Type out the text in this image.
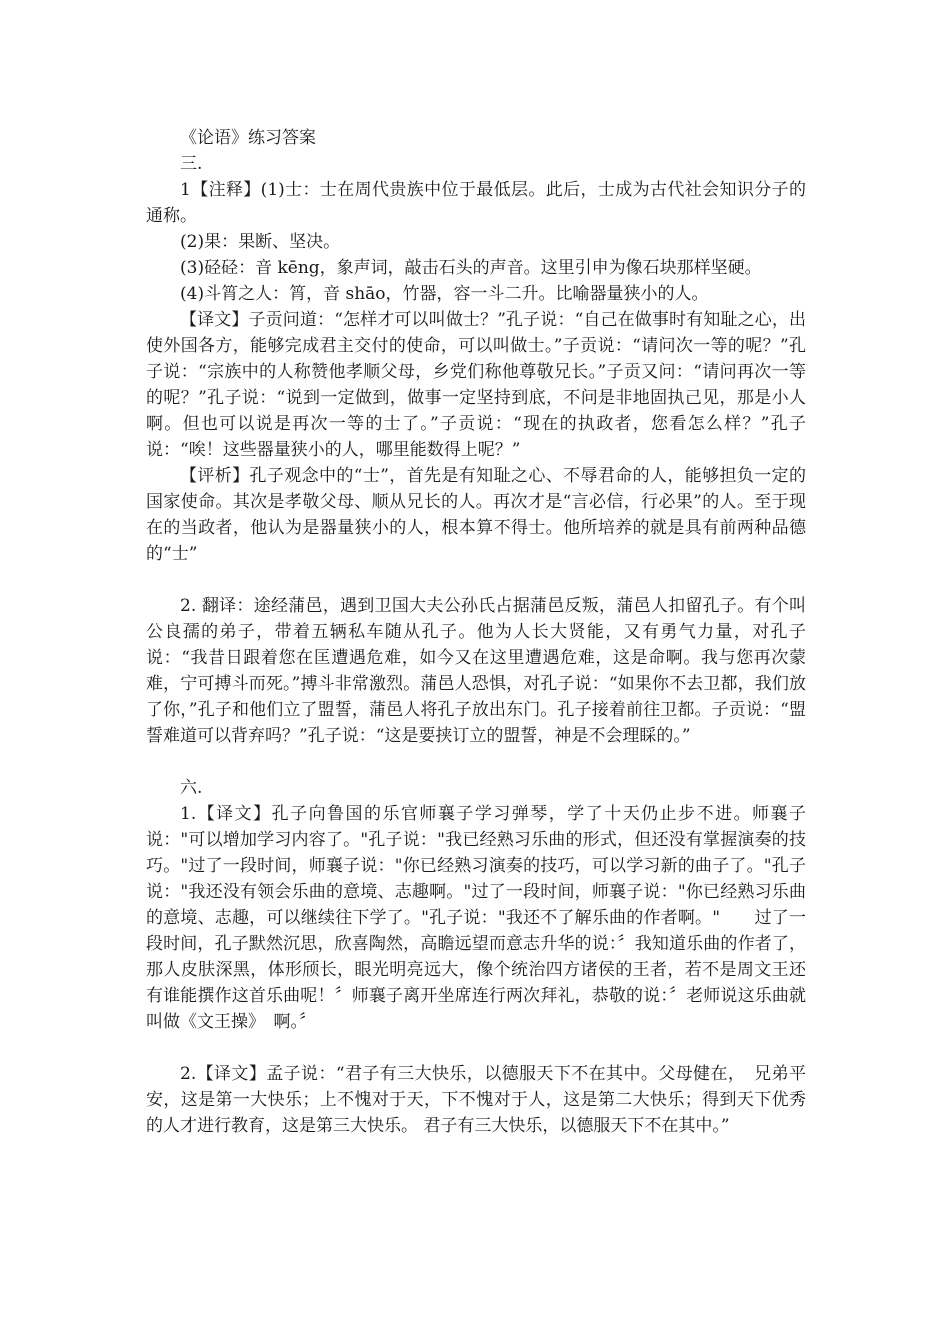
《论语》练习答案

三.

1【注释】(1)士：士在周代贵族中位于最低层。此后，士成为古代社会知识分子的通称。

(2)果：果断、坚决。

(3)硁硁：音 kēng，象声词，敲击石头的声音。这里引申为像石块那样坚硬。

(4)斗筲之人：筲，音 shāo，竹器，容一斗二升。比喻器量狭小的人。

【译文】子贡问道：“怎样才可以叫做士？”孔子说：“自己在做事时有知耻之心，出使外国各方，能够完成君主交付的使命，可以叫做士。”子贡说：“请问次一等的呢？”孔子说：“宗族中的人称赞他孝顺父母，乡党们称他尊敬兄长。”子贡又问：“请问再次一等的呢？”孔子说：“说到一定做到，做事一定坚持到底，不问是非地固执己见，那是小人啊。但也可以说是再次一等的士了。”子贡说：“现在的执政者，您看怎么样？”孔子说：“唉！这些器量狭小的人，哪里能数得上呢？”

【评析】孔子观念中的“士”，首先是有知耻之心、不辱君命的人，能够担负一定的国家使命。其次是孝敬父母、顺从兄长的人。再次才是“言必信，行必果”的人。至于现在的当政者，他认为是器量狭小的人，根本算不得士。他所培养的就是具有前两种品德的“士”

2. 翻译：途经蒲邑，遇到卫国大夫公孙氏占据蒲邑反叛，蒲邑人扣留孔子。有个叫公良孺的弟子，带着五辆私车随从孔子。他为人长大贤能，又有勇气力量，对孔子说：“我昔日跟着您在匡遭遇危难，如今又在这里遭遇危难，这是命啊。我与您再次蒙难，宁可搏斗而死。”搏斗非常激烈。蒲邑人恐惧，对孔子说：“如果你不去卫都，我们放了你，”孔子和他们立了盟誓，蒲邑人将孔子放出东门。孔子接着前往卫都。子贡说：“盟誓难道可以背弃吗？”孔子说：“这是要挟订立的盟誓，神是不会理睬的。”

六.

1.【译文】孔子向鲁国的乐官师襄子学习弹琴，学了十天仍止步不进。师襄子说："可以增加学习内容了。"孔子说："我已经熟习乐曲的形式，但还没有掌握演奏的技巧。"过了一段时间，师襄子说："你已经熟习演奏的技巧，可以学习新的曲子了。"孔子说："我还没有领会乐曲的意境、志趣啊。"过了一段时间，师襄子说："你已经熟习乐曲的意境、志趣，可以继续往下学了。"孔子说："我还不了解乐曲的作者啊。"　　过了一段时间，孔子默然沉思，欣喜陶然，高瞻远望而意志升华的说：〞我知道乐曲的作者了，那人皮肤深黑，体形颀长，眼光明亮远大，像个统治四方诸侯的王者，若不是周文王还有谁能撰作这首乐曲呢！〞师襄子离开坐席连行两次拜礼，恭敬的说：〞老师说这乐曲就叫做《文王操》　啊。〞

2.【译文】孟子说：“君子有三大快乐，以德服天下不在其中。父母健在，　兄弟平安，这是第一大快乐；上不愧对于天，下不愧对于人，这是第二大快乐；得到天下优秀的人才进行教育，这是第三大快乐。 君子有三大快乐，以德服天下不在其中。”
